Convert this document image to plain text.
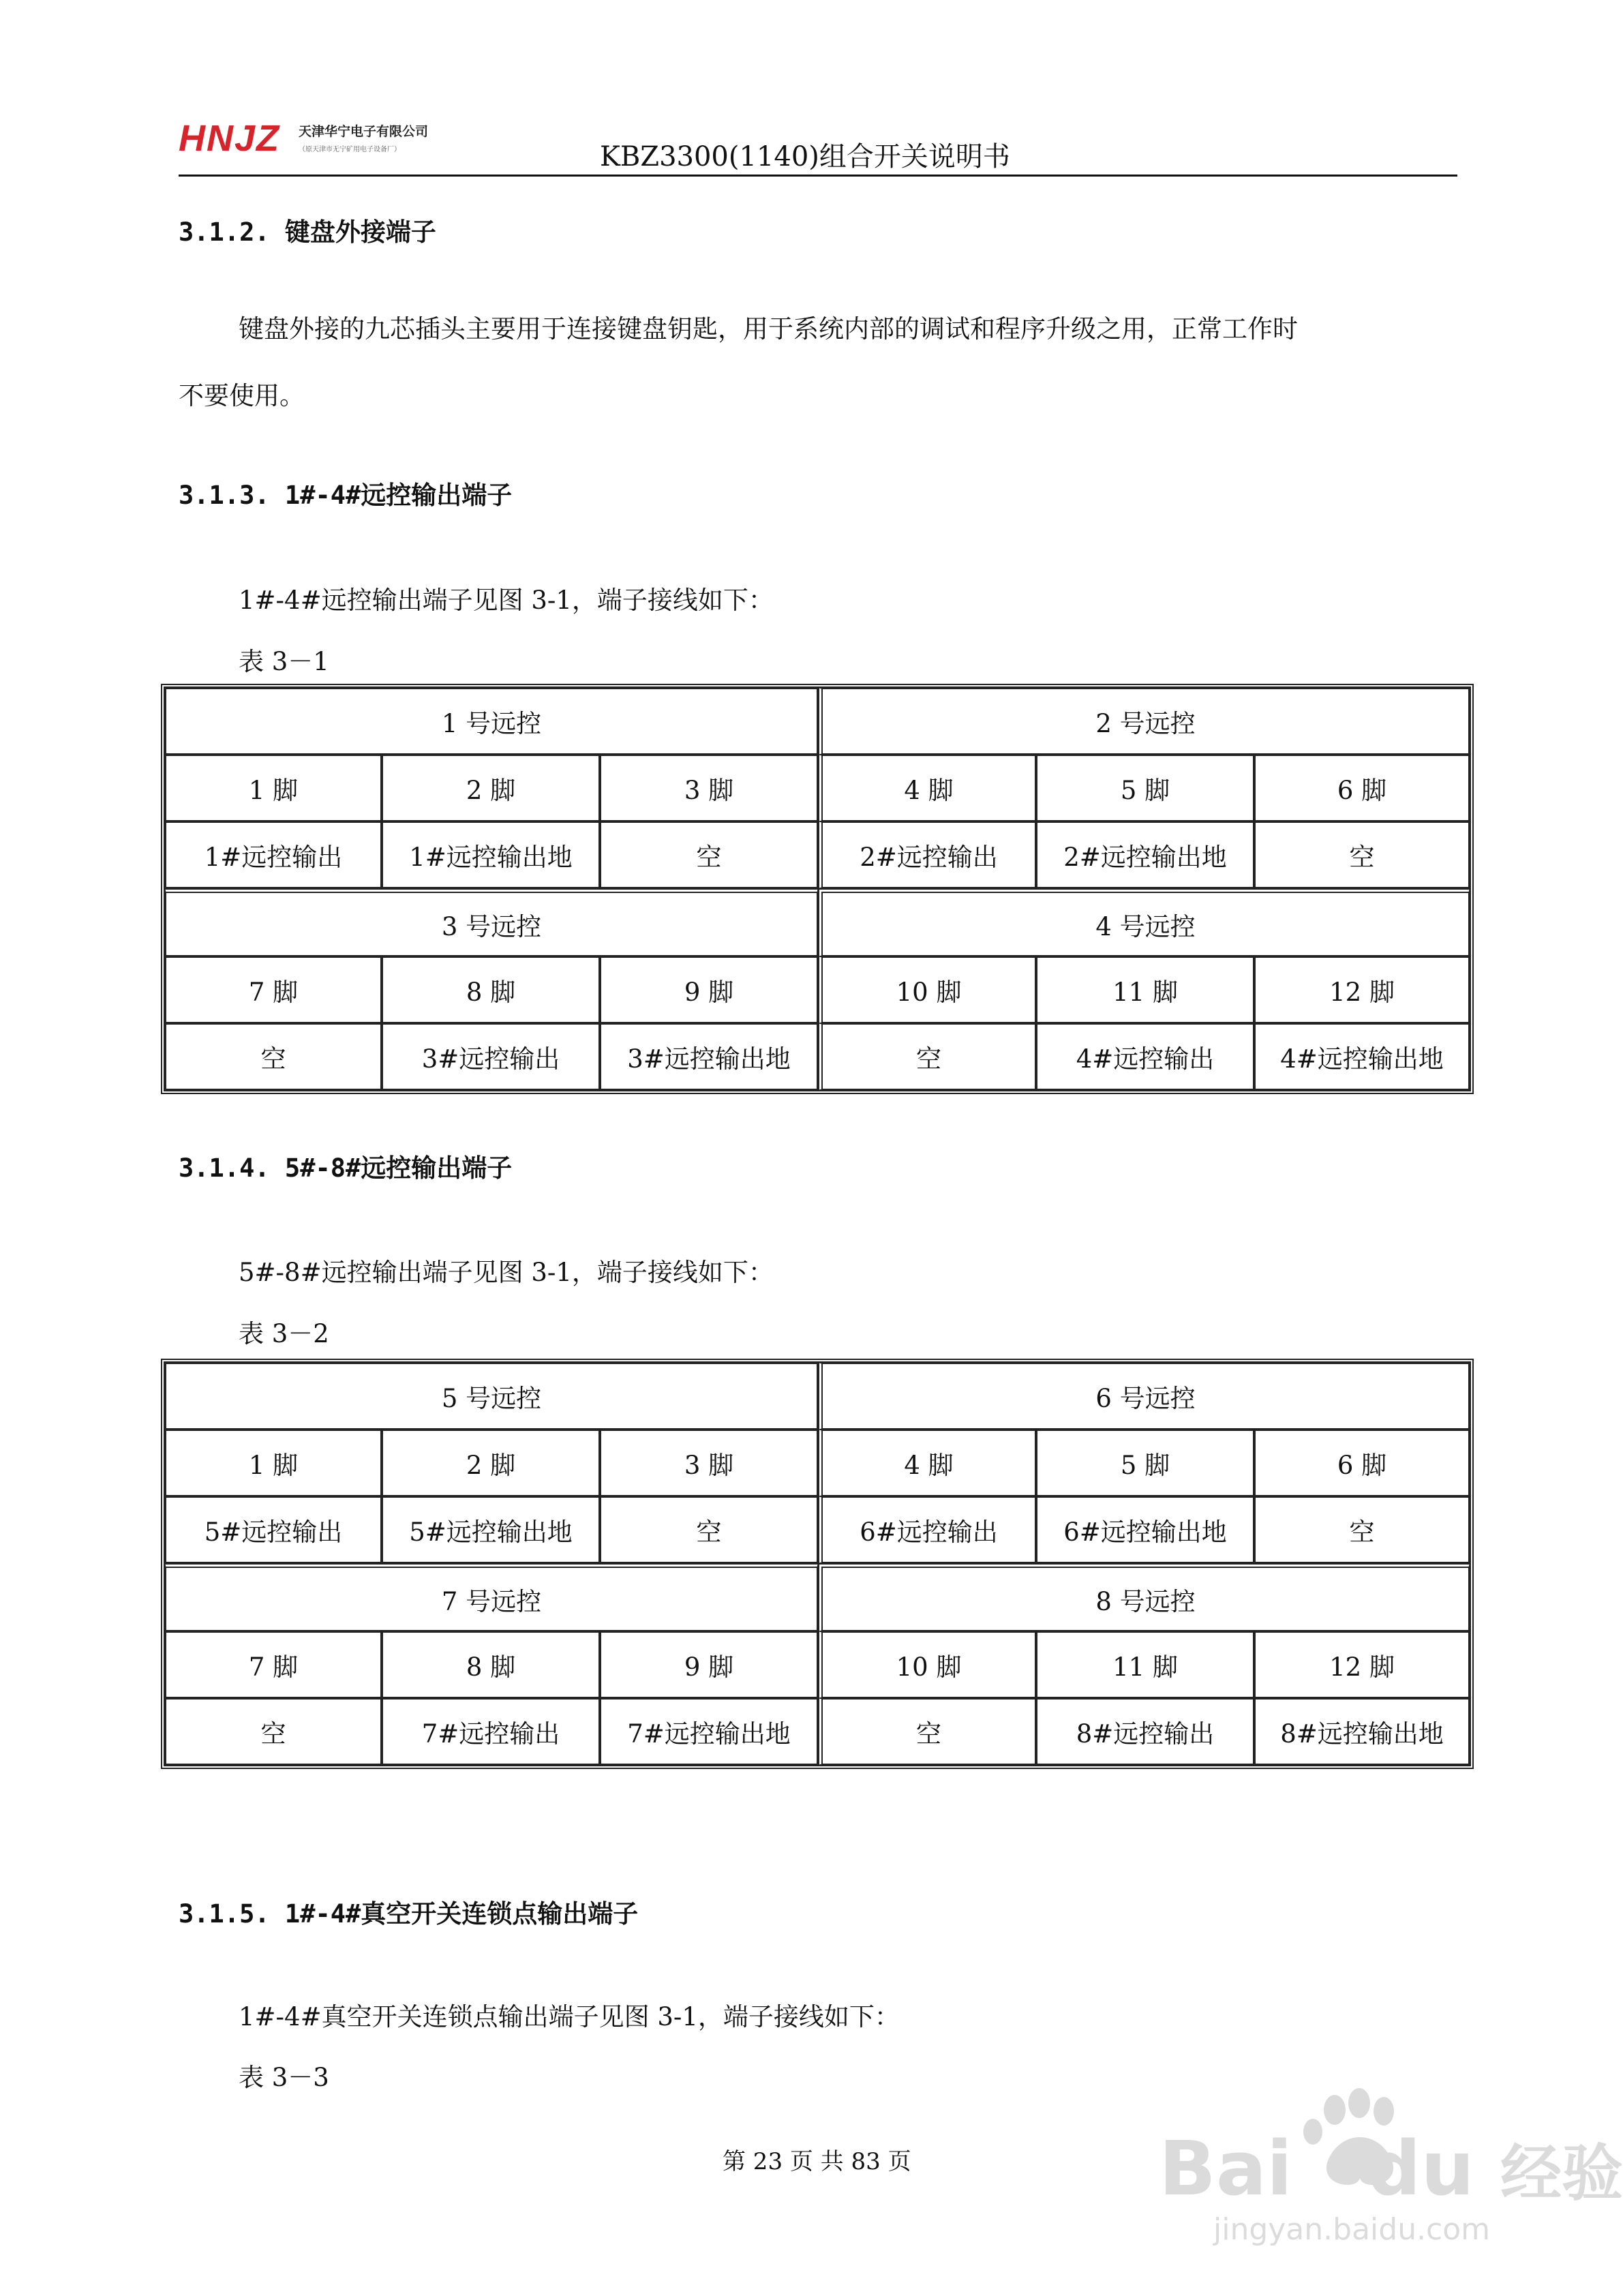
HNJZ	天津华宁电子有限公司
（原天津市无宁矿用电子设备厂）	KBZ3300(1140)组合开关说明书
3.1.2. 键盘外接端子
键盘外接的九芯插头主要用于连接键盘钥匙，用于系统内部的调试和程序升级之用，正常工作时
不要使用。
3.1.3. 1#-4#远控输出端子
1#-4#远控输出端子见图 3-1，端子接线如下：
表 3－1
1 号远控			2 号远控		
1 脚	2 脚	3 脚	4 脚	5 脚	6 脚
1#远控输出	1#远控输出地	空	2#远控输出	2#远控输出地	空
3 号远控			4 号远控		
7 脚	8 脚	9 脚	10 脚	11 脚	12 脚
空	3#远控输出	3#远控输出地	空	4#远控输出	4#远控输出地
3.1.4. 5#-8#远控输出端子
5#-8#远控输出端子见图 3-1，端子接线如下：
表 3－2
5 号远控			6 号远控		
1 脚	2 脚	3 脚	4 脚	5 脚	6 脚
5#远控输出	5#远控输出地	空	6#远控输出	6#远控输出地	空
7 号远控			8 号远控		
7 脚	8 脚	9 脚	10 脚	11 脚	12 脚
空	7#远控输出	7#远控输出地	空	8#远控输出	8#远控输出地
3.1.5. 1#-4#真空开关连锁点输出端子
1#-4#真空开关连锁点输出端子见图 3-1，端子接线如下：
表 3－3
第 23 页 共 83 页	Bai du 经验
jingyan.baidu.com
